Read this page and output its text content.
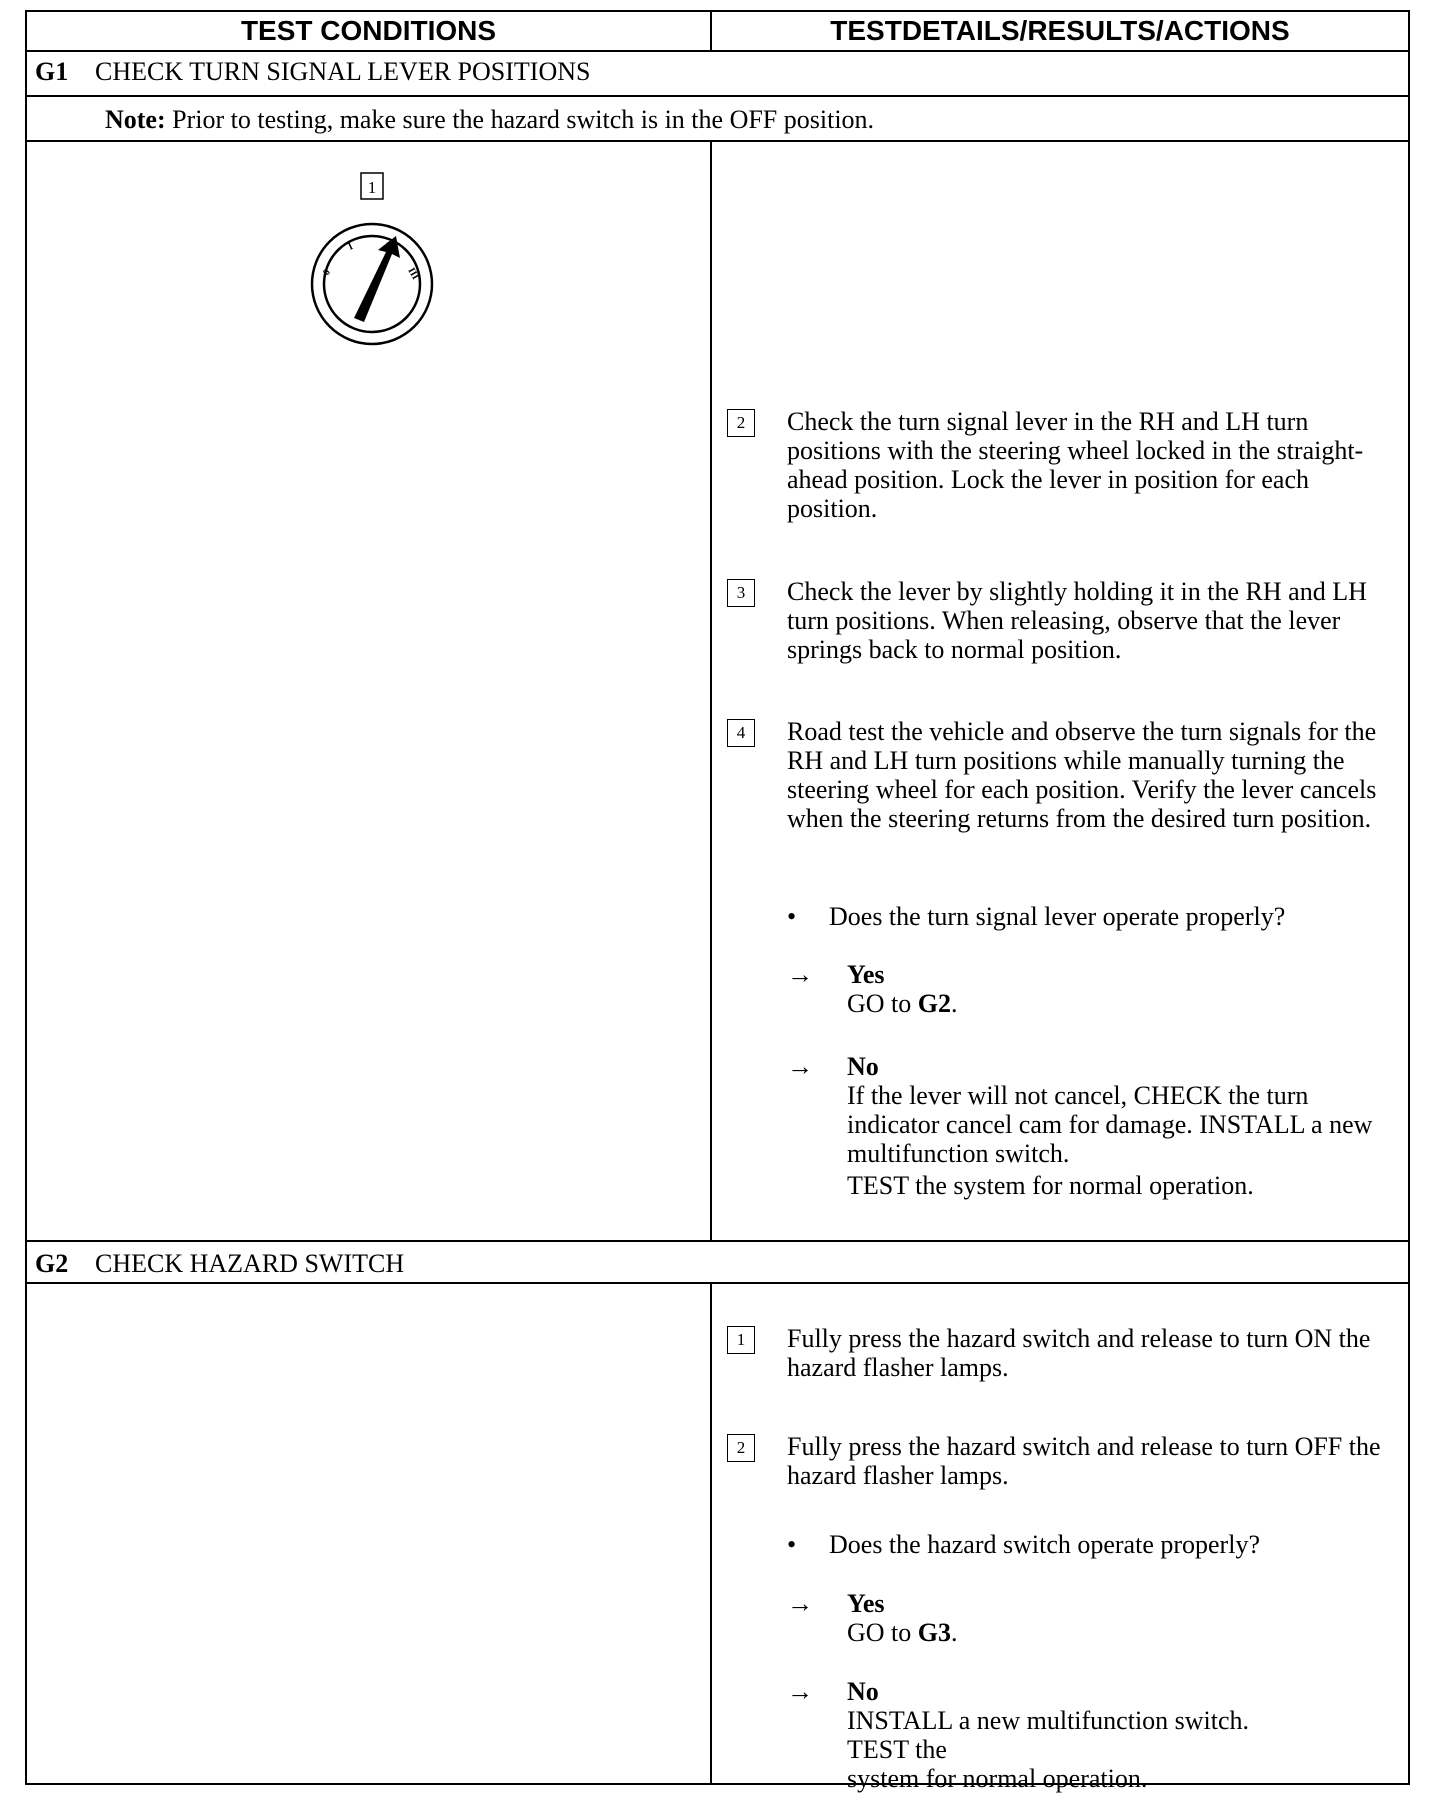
TEST CONDITIONS	TESTDETAILS/RESULTS/ACTIONS
G1 CHECK TURN SIGNAL LEVER POSITIONS
Note: Prior to testing, make sure the hazard switch is in the OFF position.
1
0
I	II
III
2	Check the turn signal lever in the RH and LH turn positions with the steering wheel locked in the straight-ahead position. Lock the lever in position for each position.
3	Check the lever by slightly holding it in the RH and LH turn positions. When releasing, observe that the lever springs back to normal position.
4	Road test the vehicle and observe the turn signals for the RH and LH turn positions while manually turning the steering wheel for each position. Verify the lever cancels when the steering returns from the desired turn position.
• Does the turn signal lever operate properly?
→ Yes
GO to G2.
→ No
If the lever will not cancel, CHECK the turn indicator cancel cam for damage. INSTALL a new multifunction switch.
TEST the system for normal operation.
G2 CHECK HAZARD SWITCH
1	Fully press the hazard switch and release to turn ON the hazard flasher lamps.
2	Fully press the hazard switch and release to turn OFF the hazard flasher lamps.
• Does the hazard switch operate properly?
→ Yes
GO to G3.
→ No
INSTALL a new multifunction switch.
TEST the
system for normal operation.
